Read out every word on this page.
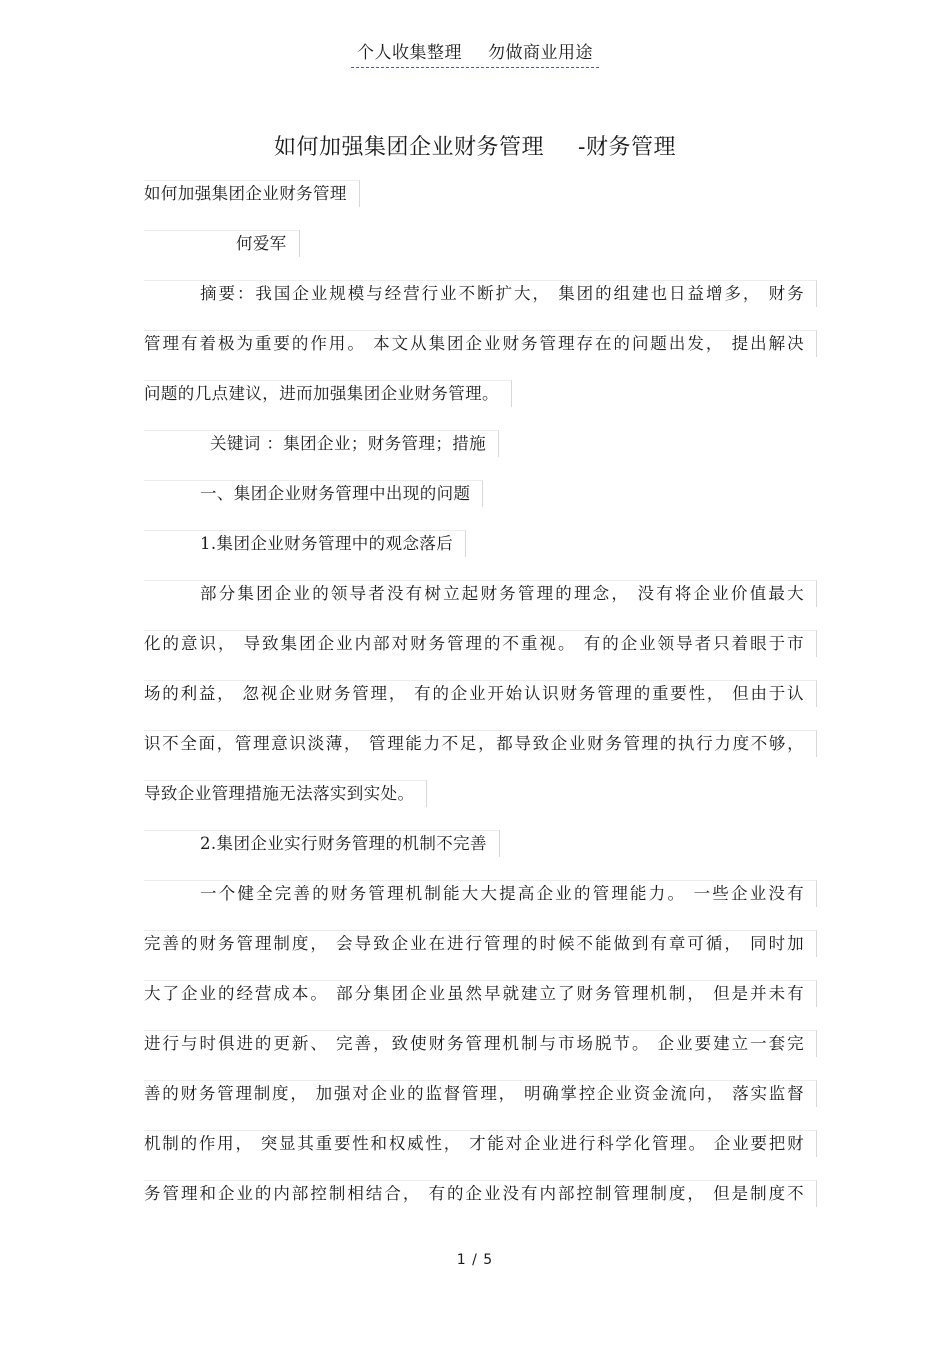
个人收集整理 勿做商业用途
如何加强集团企业财务管理 -财务管理
如何加强集团企业财务管理
何爱军
摘要：我国企业规模与经营行业不断扩大， 集团的组建也日益增多， 财务
管理有着极为重要的作用。 本文从集团企业财务管理存在的问题出发， 提出解决
问题的几点建议，进而加强集团企业财务管理。
关键词 ：集团企业；财务管理；措施
一、集团企业财务管理中出现的问题
1.集团企业财务管理中的观念落后
部分集团企业的领导者没有树立起财务管理的理念， 没有将企业价值最大
化的意识， 导致集团企业内部对财务管理的不重视。 有的企业领导者只着眼于市
场的利益， 忽视企业财务管理， 有的企业开始认识财务管理的重要性， 但由于认
识不全面，管理意识淡薄， 管理能力不足，都导致企业财务管理的执行力度不够，
导致企业管理措施无法落实到实处。
2.集团企业实行财务管理的机制不完善
一个健全完善的财务管理机制能大大提高企业的管理能力。 一些企业没有
完善的财务管理制度， 会导致企业在进行管理的时候不能做到有章可循， 同时加
大了企业的经营成本。 部分集团企业虽然早就建立了财务管理机制， 但是并未有
进行与时俱进的更新、 完善，致使财务管理机制与市场脱节。 企业要建立一套完
善的财务管理制度， 加强对企业的监督管理， 明确掌控企业资金流向， 落实监督
机制的作用， 突显其重要性和权威性， 才能对企业进行科学化管理。 企业要把财
务管理和企业的内部控制相结合， 有的企业没有内部控制管理制度， 但是制度不
1 / 5
